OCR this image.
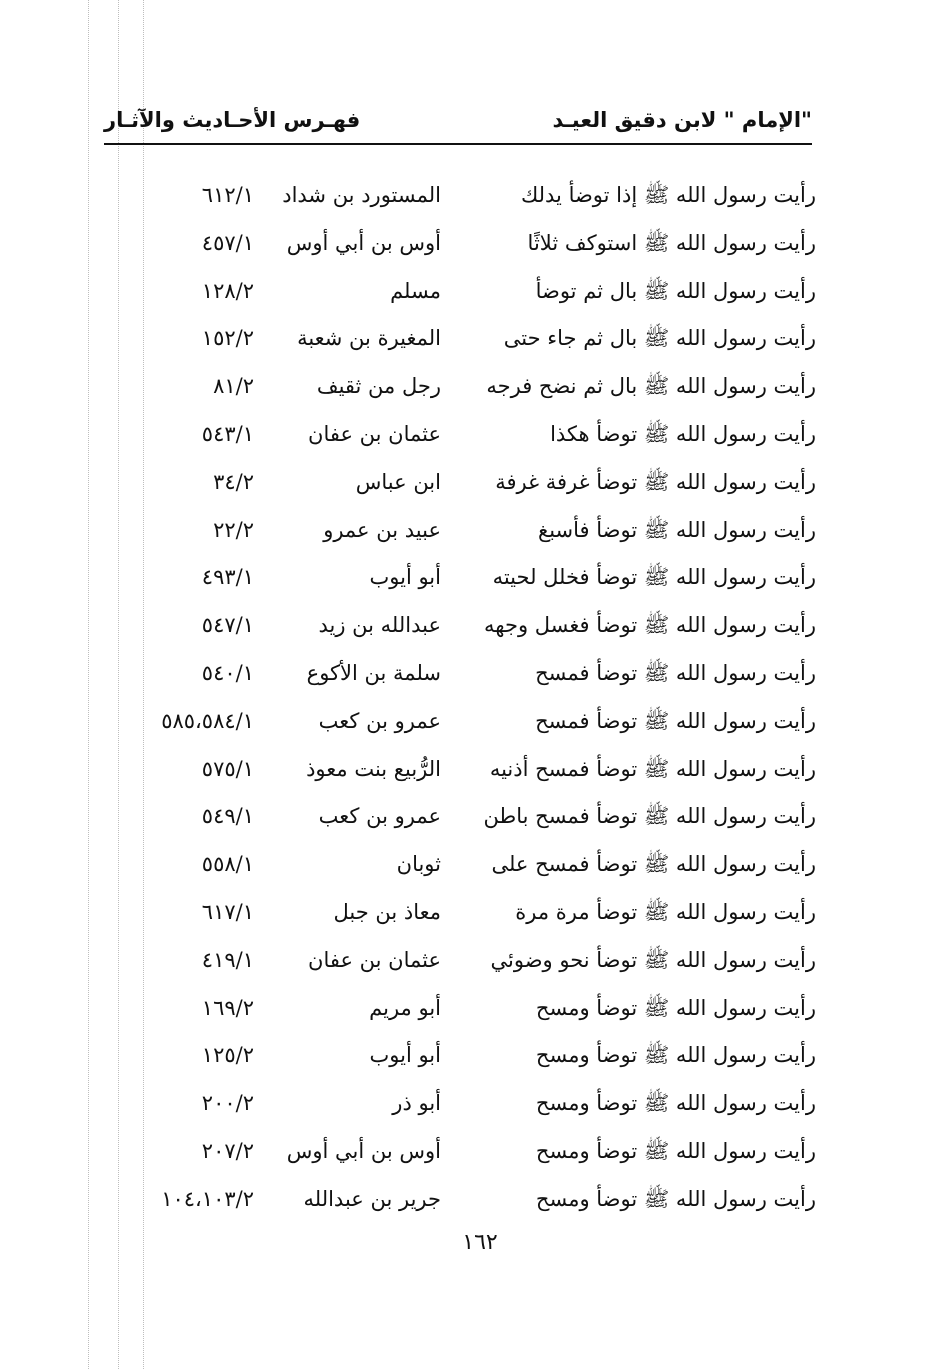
"الإمام " لابن دقيق العيـد
فهـرس الأحـاديث والآثـار
رأيت رسول الله ﷺ إذا توضأ يدلك
المستورد بن شداد
٦١٢/١
رأيت رسول الله ﷺ استوكف ثلاثًا
أوس بن أبي أوس
٤٥٧/١
رأيت رسول الله ﷺ بال ثم توضأ
مسلم
١٢٨/٢
رأيت رسول الله ﷺ بال ثم جاء حتى
المغيرة بن شعبة
١٥٢/٢
رأيت رسول الله ﷺ بال ثم نضح فرجه
رجل من ثقيف
٨١/٢
رأيت رسول الله ﷺ توضأ هكذا
عثمان بن عفان
٥٤٣/١
رأيت رسول الله ﷺ توضأ غرفة غرفة
ابن عباس
٣٤/٢
رأيت رسول الله ﷺ توضأ فأسبغ
عبيد بن عمرو
٢٢/٢
رأيت رسول الله ﷺ توضأ فخلل لحيته
أبو أيوب
٤٩٣/١
رأيت رسول الله ﷺ توضأ فغسل وجهه
عبدالله بن زيد
٥٤٧/١
رأيت رسول الله ﷺ توضأ فمسح
سلمة بن الأكوع
٥٤٠/١
رأيت رسول الله ﷺ توضأ فمسح
عمرو بن كعب
٥٨٥،٥٨٤/١
رأيت رسول الله ﷺ توضأ فمسح أذنيه
الرُّبيع بنت معوذ
٥٧٥/١
رأيت رسول الله ﷺ توضأ فمسح باطن
عمرو بن كعب
٥٤٩/١
رأيت رسول الله ﷺ توضأ فمسح على
ثوبان
٥٥٨/١
رأيت رسول الله ﷺ توضأ مرة مرة
معاذ بن جبل
٦١٧/١
رأيت رسول الله ﷺ توضأ نحو وضوئي
عثمان بن عفان
٤١٩/١
رأيت رسول الله ﷺ توضأ ومسح
أبو مريم
١٦٩/٢
رأيت رسول الله ﷺ توضأ ومسح
أبو أيوب
١٢٥/٢
رأيت رسول الله ﷺ توضأ ومسح
أبو ذر
٢٠٠/٢
رأيت رسول الله ﷺ توضأ ومسح
أوس بن أبي أوس
٢٠٧/٢
رأيت رسول الله ﷺ توضأ ومسح
جرير بن عبدالله
١٠٤،١٠٣/٢
١٦٢
